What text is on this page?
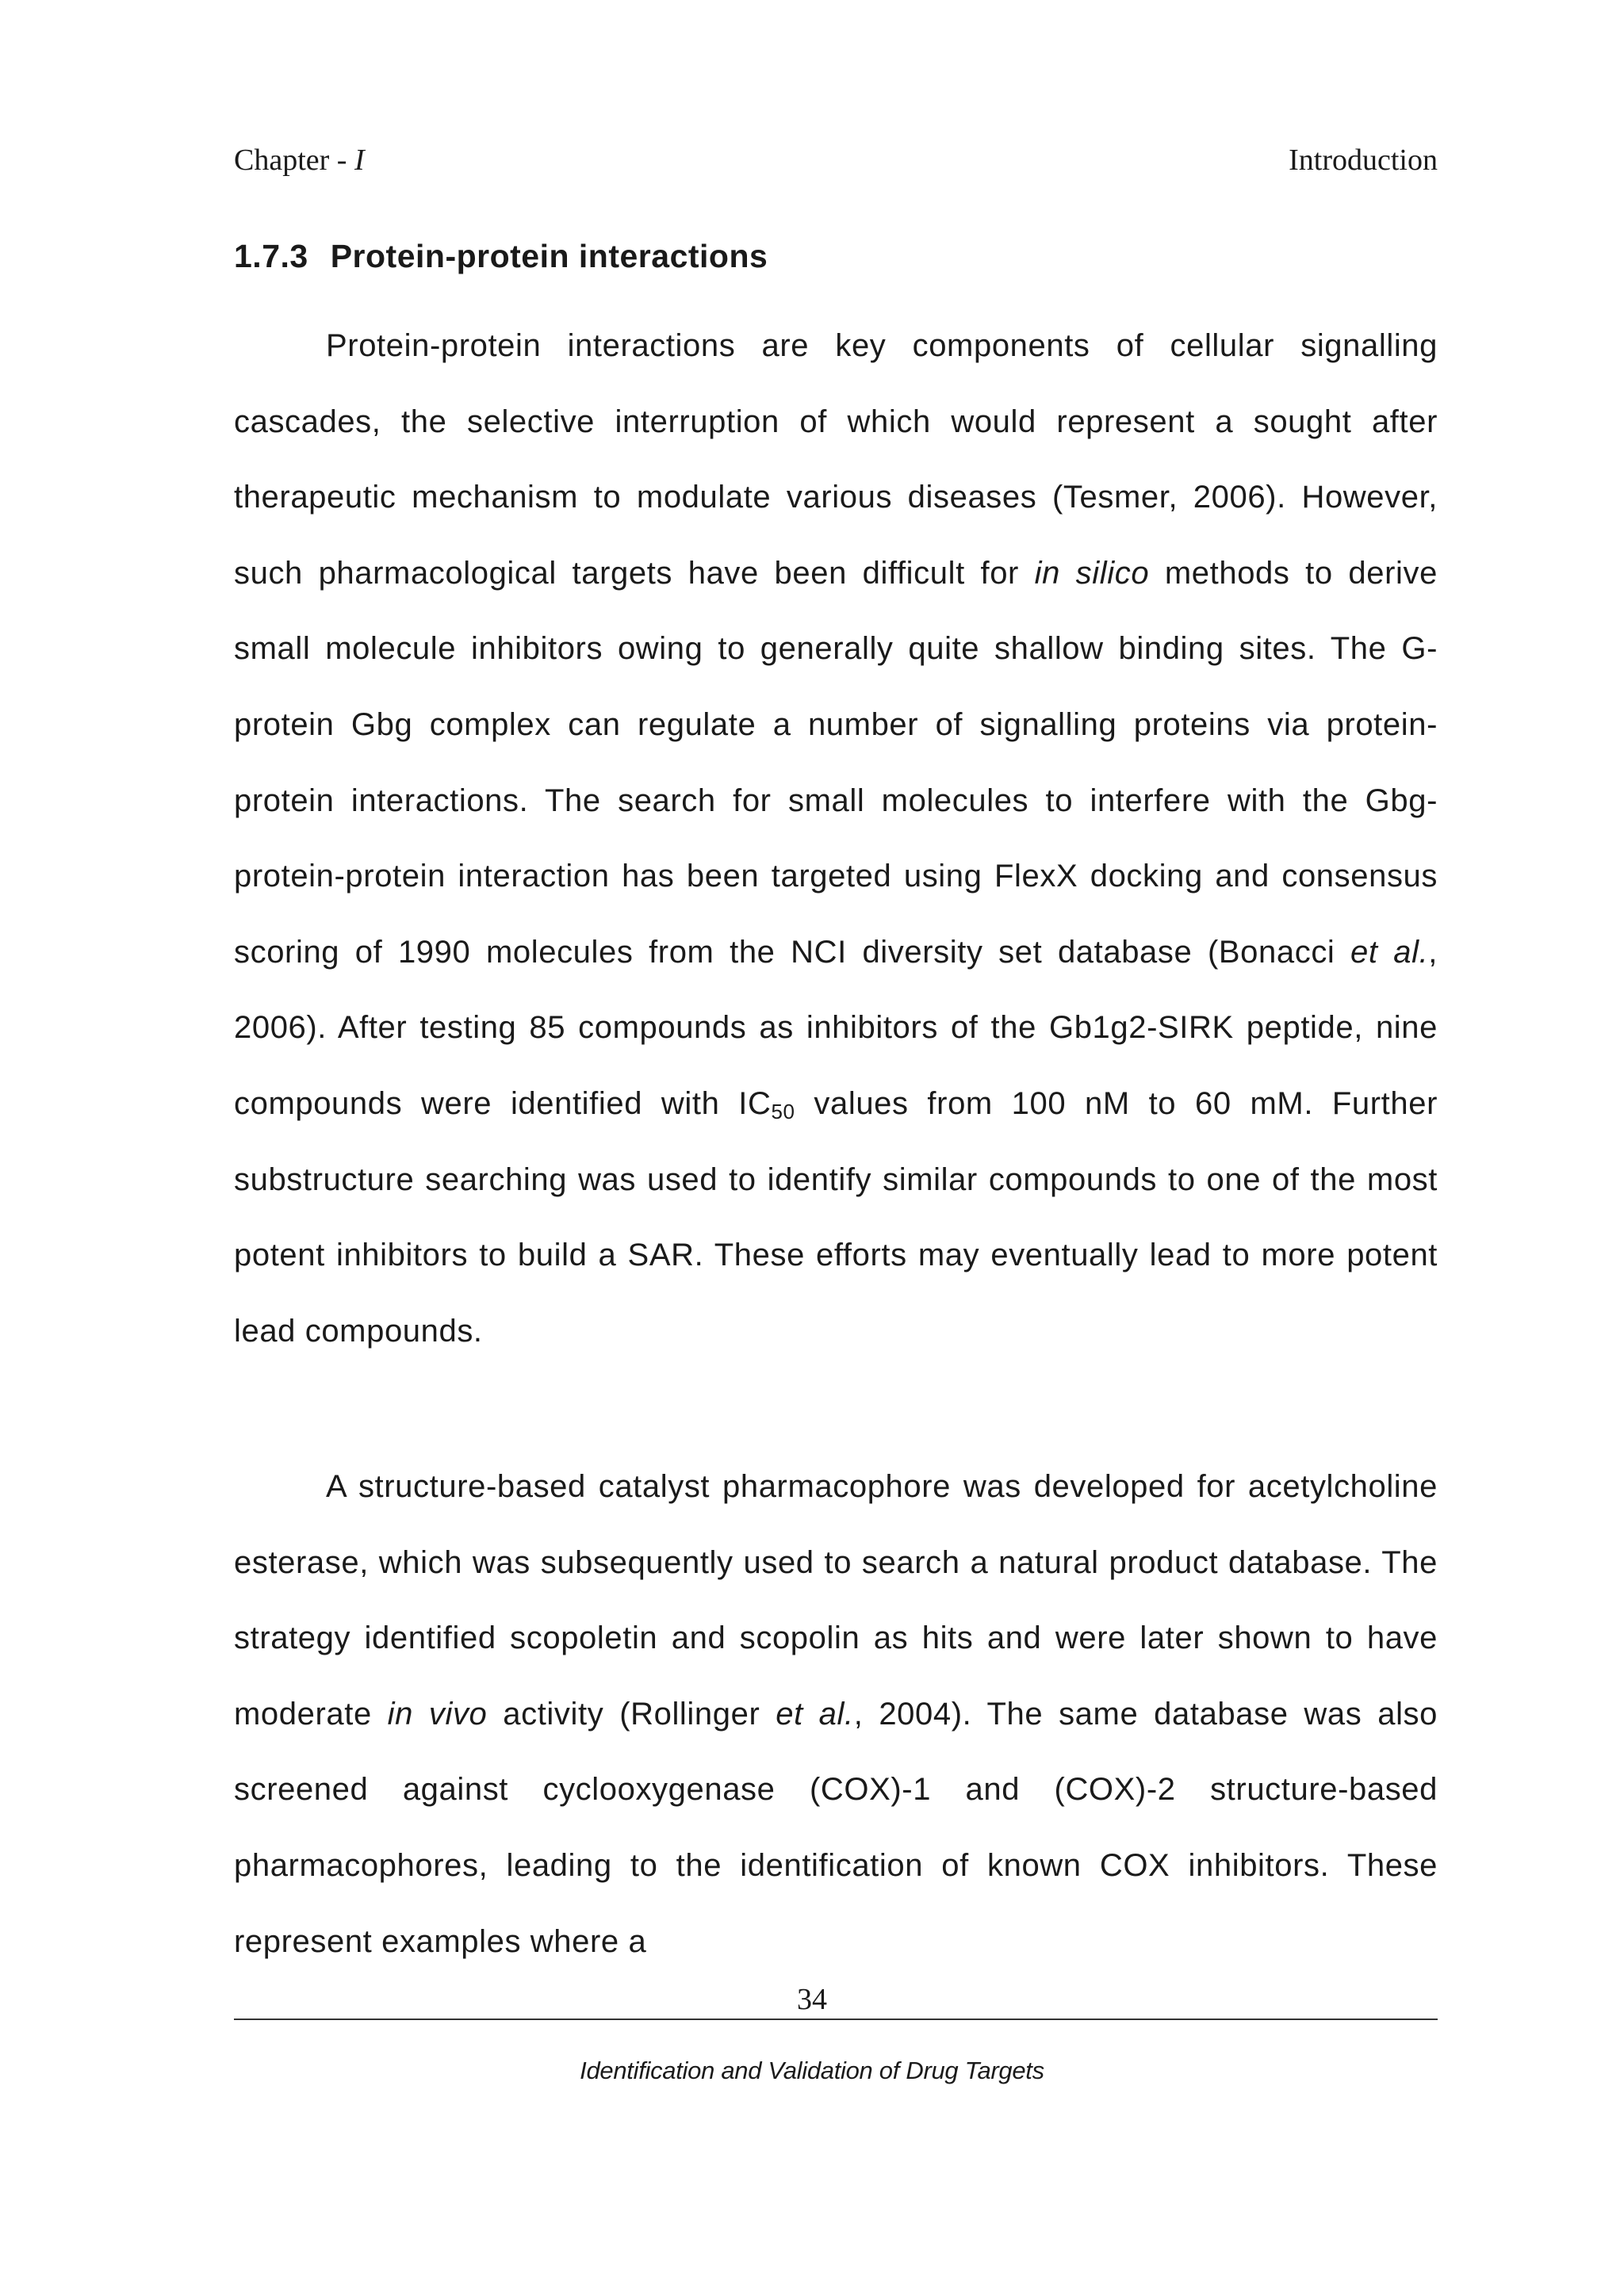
Chapter - I	Introduction
1.7.3 Protein-protein interactions

Protein-protein interactions are key components of cellular signalling cascades, the selective interruption of which would represent a sought after therapeutic mechanism to modulate various diseases (Tesmer, 2006). However, such pharmacological targets have been difficult for in silico methods to derive small molecule inhibitors owing to generally quite shallow binding sites. The G-protein Gbg complex can regulate a number of signalling proteins via protein-protein interactions. The search for small molecules to interfere with the Gbg-protein-protein interaction has been targeted using FlexX docking and consensus scoring of 1990 molecules from the NCI diversity set database (Bonacci et al., 2006). After testing 85 compounds as inhibitors of the Gb1g2-SIRK peptide, nine compounds were identified with $IC_{50}$ values from 100 nM to 60 mM. Further substructure searching was used to identify similar compounds to one of the most potent inhibitors to build a SAR. These efforts may eventually lead to more potent lead compounds.

A structure-based catalyst pharmacophore was developed for acetylcholine esterase, which was subsequently used to search a natural product database. The strategy identified scopoletin and scopolin as hits and were later shown to have moderate in vivo activity (Rollinger et al., 2004). The same database was also screened against cyclooxygenase (COX)-1 and (COX)-2 structure-based pharmacophores, leading to the identification of known COX inhibitors. These represent examples where a

34
Identification and Validation of Drug Targets
